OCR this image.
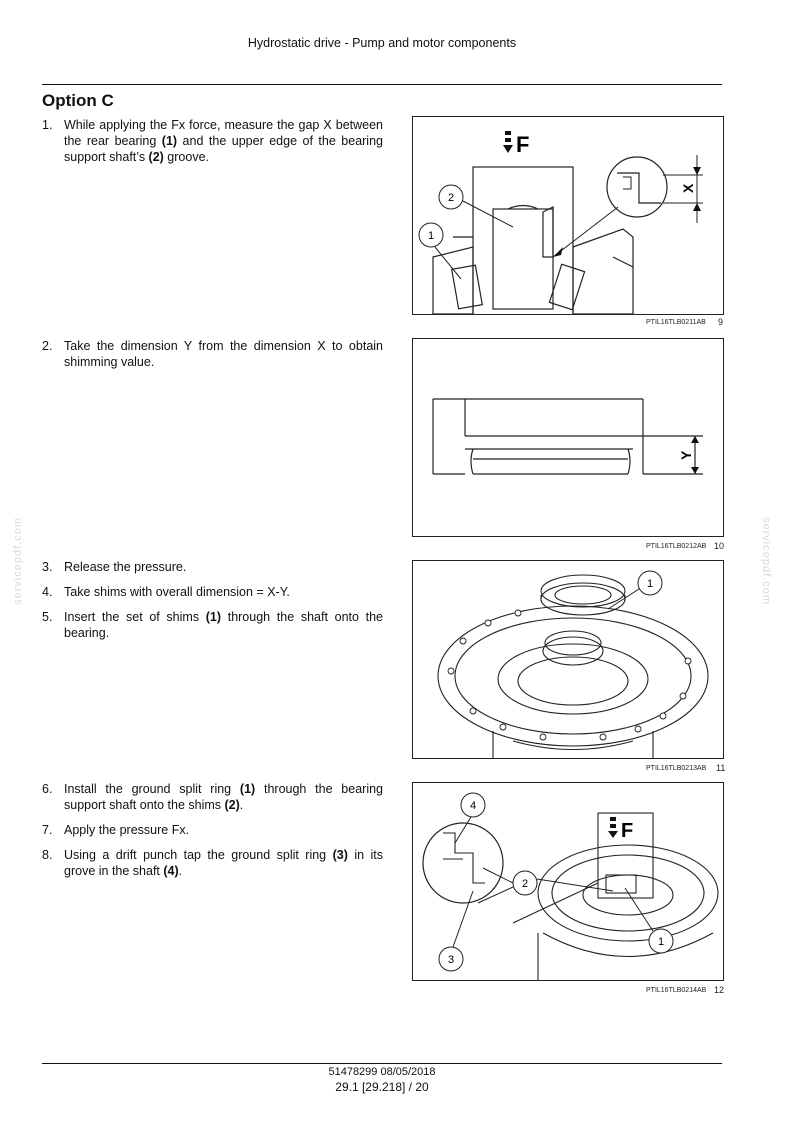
Hydrostatic drive - Pump and motor components
Option C
1. While applying the Fx force, measure the gap X between the rear bearing (1) and the upper edge of the bearing support shaft’s (2) groove.
2. Take the dimension Y from the dimension X to obtain shimming value.
3. Release the pressure.
4. Take shims with overall dimension = X-Y.
5. Insert the set of shims (1) through the shaft onto the bearing.
6. Install the ground split ring (1) through the bearing support shaft onto the shims (2).
7. Apply the pressure Fx.
8. Using a drift punch tap the ground split ring (3) in its grove in the shaft (4).
F
X
2
1
PTIL16TLB0211AB 9
Y
PTIL16TLB0212AB 10
1
PTIL16TLB0213AB 11
F
4
2
1
3
PTIL16TLB0214AB 12
servicepdf.com	servicepdf.com
51478299 08/05/2018
29.1 [29.218] / 20
